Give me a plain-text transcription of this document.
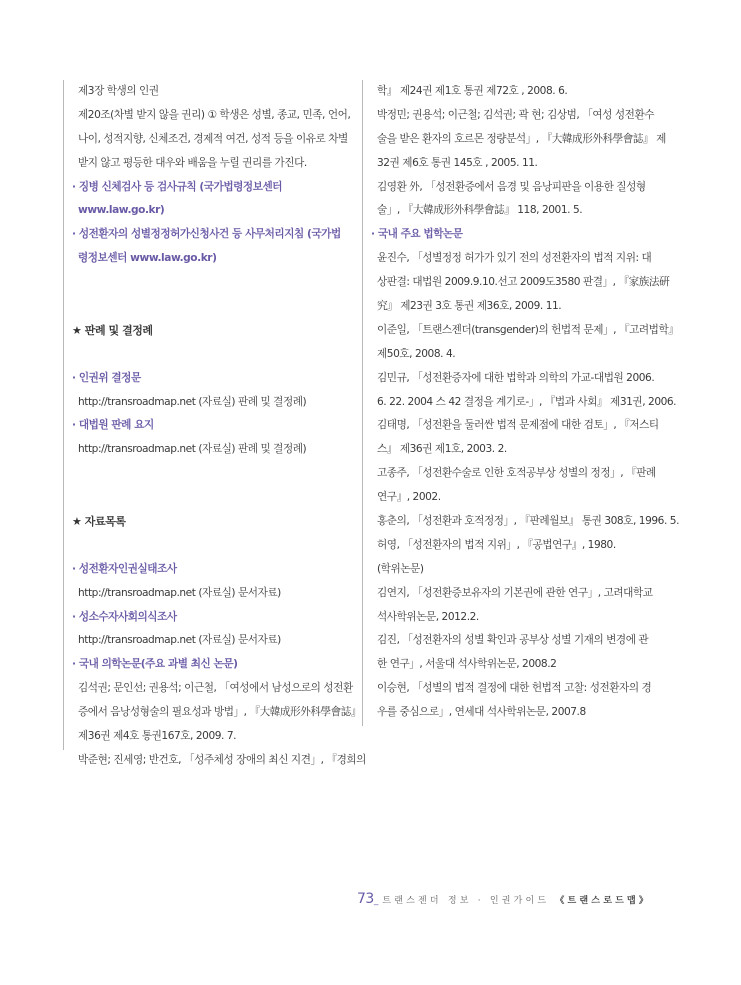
제3장 학생의 인권
제20조(차별 받지 않을 권리) ① 학생은 성별, 종교, 민족, 언어,
나이, 성적지향, 신체조건, 경제적 여건, 성적 등을 이유로 차별
받지 않고 평등한 대우와 배움을 누릴 권리를 가진다.
· 징병 신체검사 등 검사규칙 (국가법령정보센터
www.law.go.kr)
· 성전환자의 성별정정허가신청사건 등 사무처리지침 (국가법
령정보센터 www.law.go.kr)
★ 판례 및 결정례
· 인권위 결정문
http://transroadmap.net (자료실) 판례 및 결정례)
· 대법원 판례 요지
http://transroadmap.net (자료실) 판례 및 결정례)
★ 자료목록
· 성전환자인권실태조사
http://transroadmap.net (자료실) 문서자료)
· 성소수자사회의식조사
http://transroadmap.net (자료실) 문서자료)
· 국내 의학논문(주요 과별 최신 논문)
김석권; 문인선; 권용석; 이근철, 「여성에서 남성으로의 성전환
증에서 음낭성형술의 필요성과 방법」, 『大韓成形外科學會誌』
제36권 제4호 통권167호, 2009. 7.
박준현; 진세영; 반건호, 「성주체성 장애의 최신 지견」, 『경희의
학』 제24권 제1호 통권 제72호 , 2008. 6.
박정민; 권용석; 이근철; 김석권; 곽 현; 김상범, 「여성 성전환수
술을 받은 환자의 호르몬 정량분석」, 『大韓成形外科學會誌』 제
32권 제6호 통권 145호 , 2005. 11.
김영환 外, 「성전환증에서 음경 및 음낭피판을 이용한 질성형
술」, 『大韓成形外科學會誌』 118, 2001. 5.
· 국내 주요 법학논문
윤진수, 「성별정정 허가가 있기 전의 성전환자의 법적 지위: 대
상판결: 대법원 2009.9.10.선고 2009도3580 판결」, 『家族法硏
究』 제23권 3호 통권 제36호, 2009. 11.
이준일, 「트랜스젠더(transgender)의 헌법적 문제」, 『고려법학』
제50호, 2008. 4.
김민규, 「성전환증자에 대한 법학과 의학의 가교-대법원 2006.
6. 22. 2004 스 42 결정을 계기로-」, 『법과 사회』 제31권, 2006.
김태명, 「성전환을 둘러싼 법적 문제점에 대한 검토」, 『저스티
스』 제36권 제1호, 2003. 2.
고종주, 「성전환수술로 인한 호적공부상 성별의 정정」, 『판례
연구』, 2002.
홍춘의, 「성전환과 호적정정」, 『판례월보』 통권 308호, 1996. 5.
허영, 「성전환자의 법적 지위」, 『공법연구』, 1980.
(학위논문)
김연지, 「성전환증보유자의 기본권에 관한 연구」, 고려대학교
석사학위논문, 2012.2.
김진, 「성전환자의 성별 확인과 공부상 성별 기재의 변경에 관
한 연구」, 서울대 석사학위논문, 2008.2
이승현, 「성별의 법적 결정에 대한 헌법적 고찰: 성전환자의 경
우를 중심으로」, 연세대 석사학위논문, 2007.8
73_ 트랜스젠더 정보 · 인권가이드 《트랜스로드맵》
